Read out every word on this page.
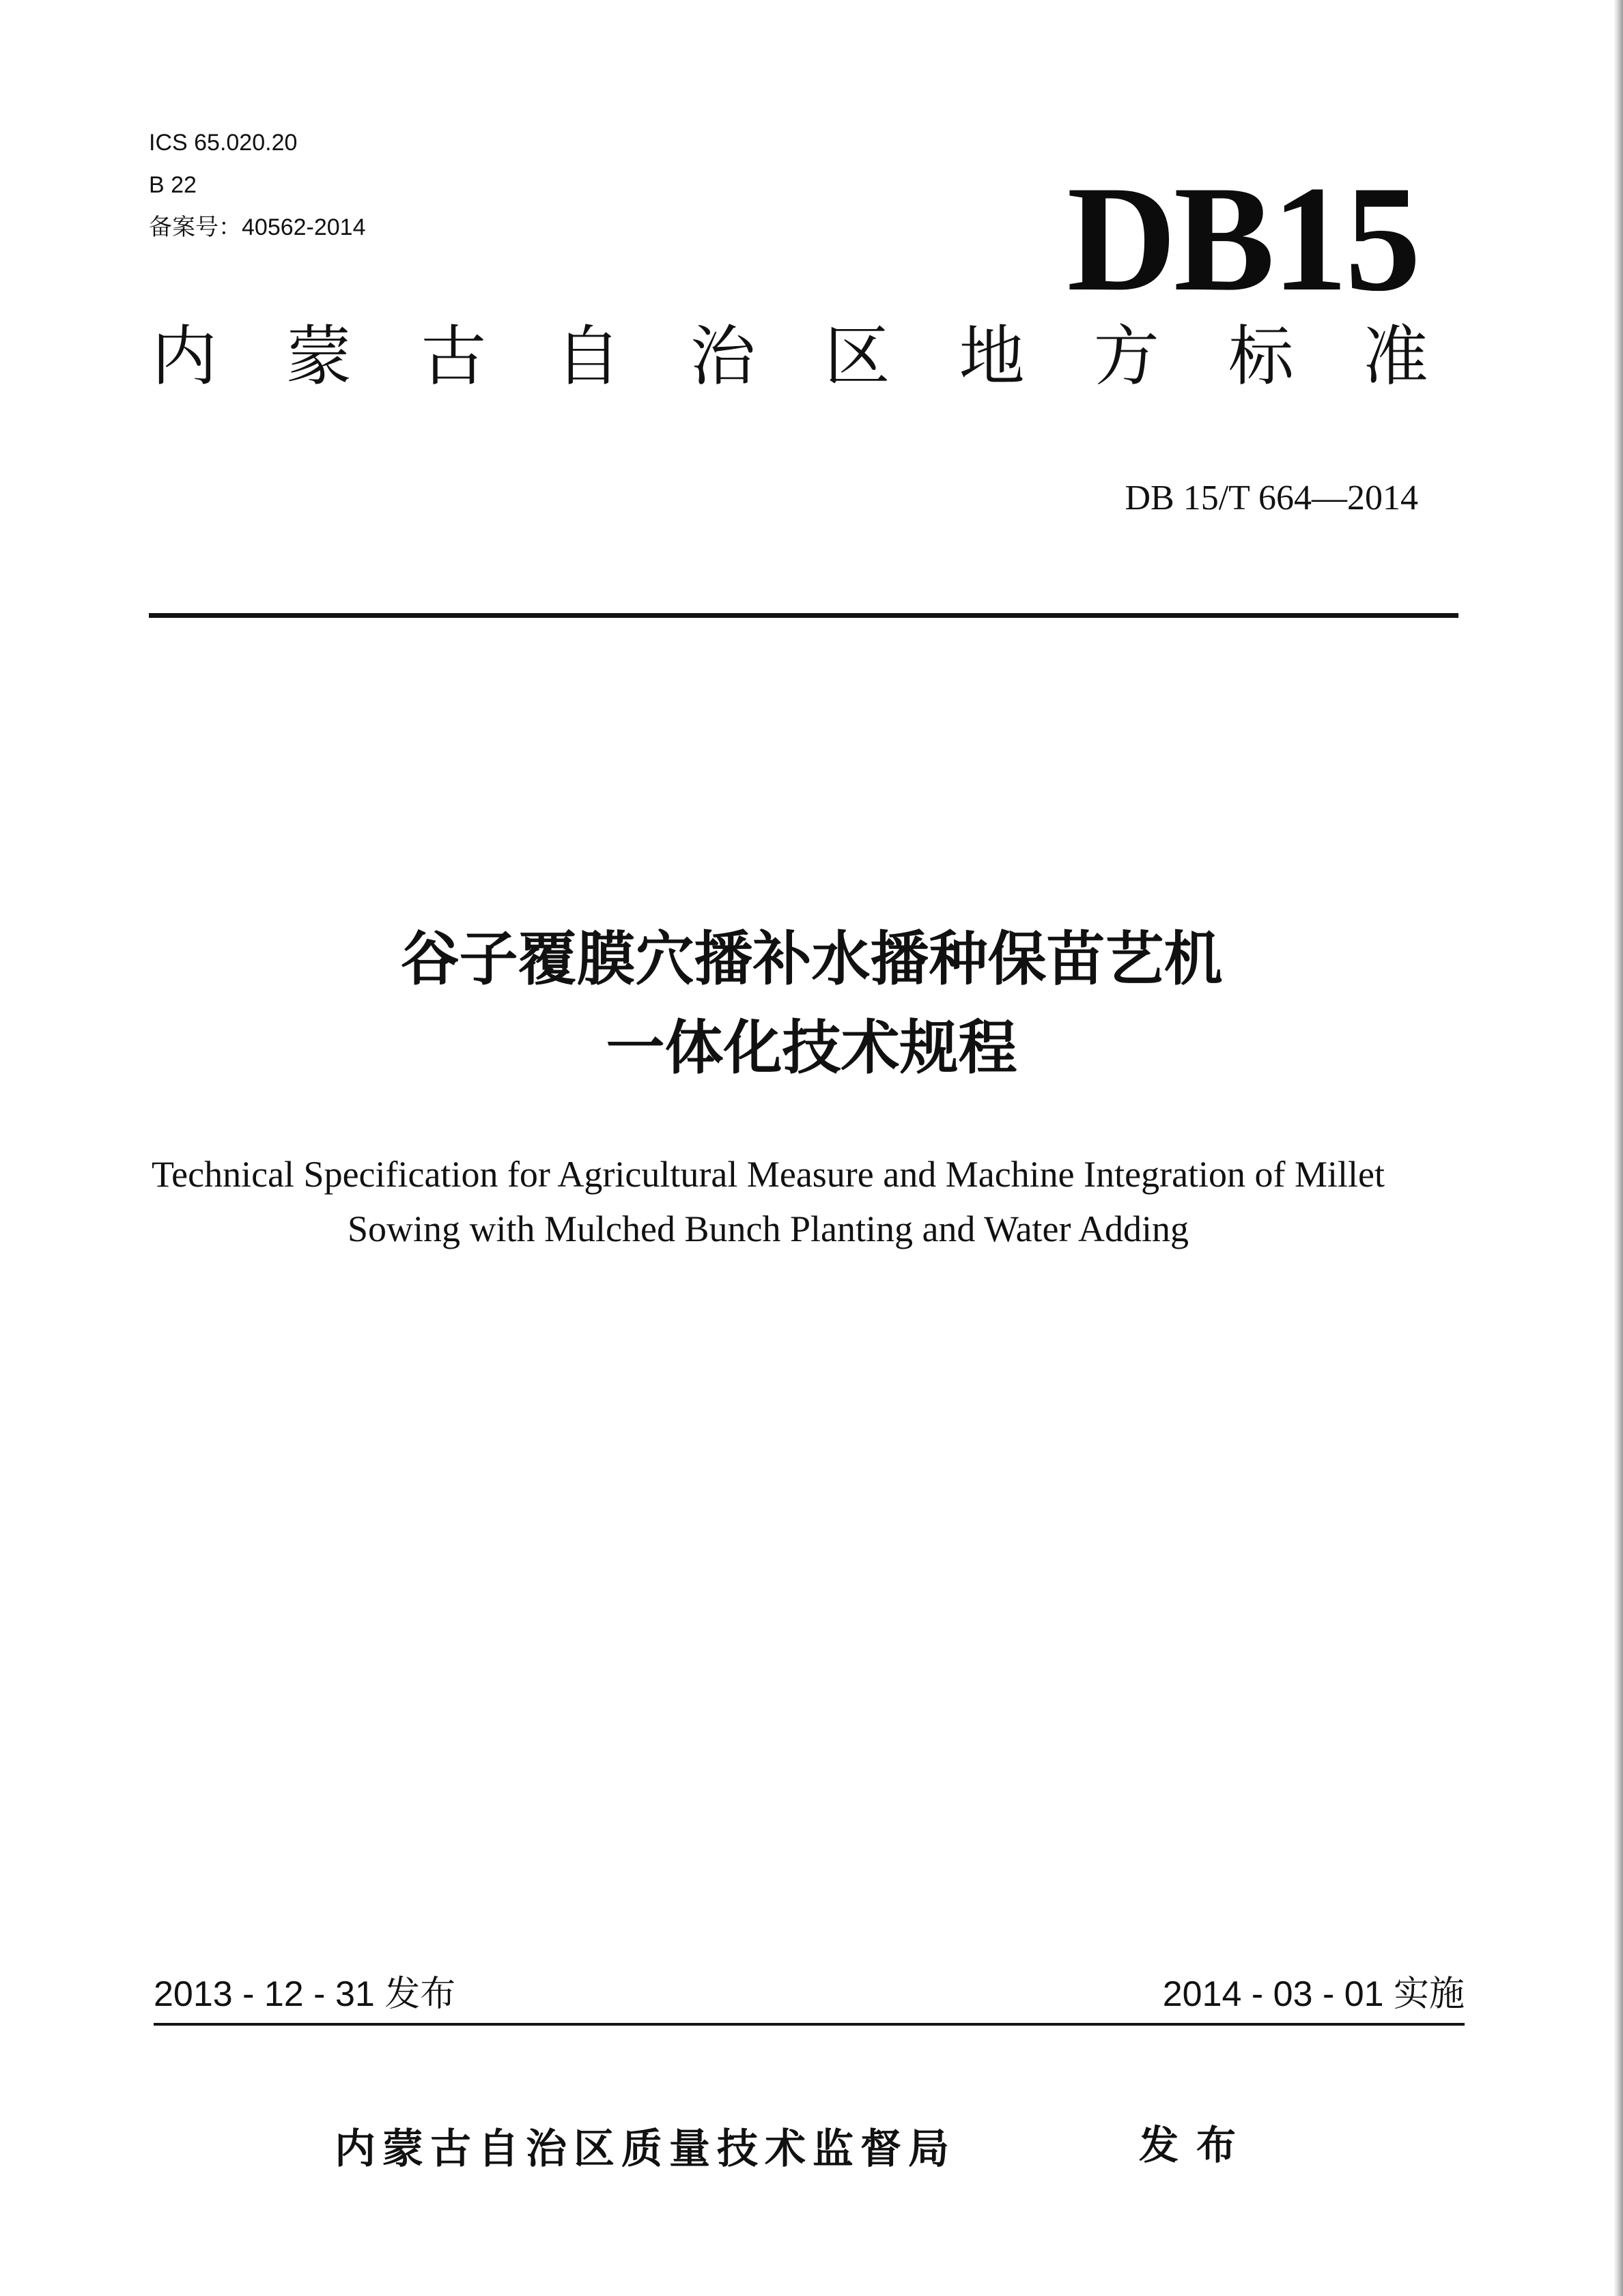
ICS 65.020.20
B 22
备案号：40562-2014	DB15
内 蒙 古 自 治 区 地 方 标 准
DB 15/T 664—2014
谷子覆膜穴播补水播种保苗艺机
一体化技术规程
Technical Specification for Agricultural Measure and Machine Integration of Millet
Sowing with Mulched Bunch Planting and Water Adding
2013 - 12 - 31 发布	2014 - 03 - 01 实施
内蒙古自治区质量技术监督局	发布
